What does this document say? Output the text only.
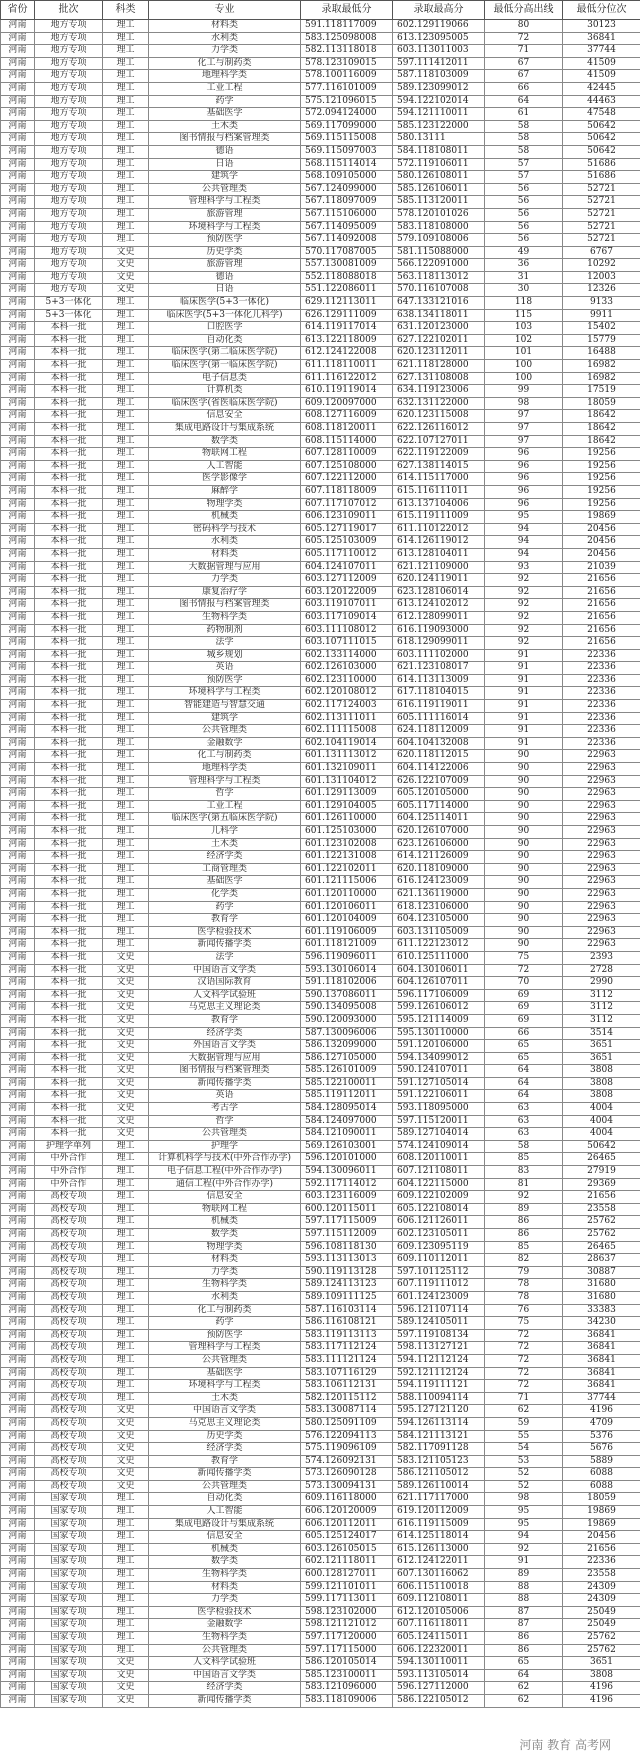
省份	批次	科类	专业	录取最低分	录取最高分	最低分高出线	最低分位次
河南	地方专项	理工	材料类	591.118117009	602.129119066	80	30123
河南	地方专项	理工	水利类	583.125098008	613.123095005	72	36841
河南	地方专项	理工	力学类	582.113118018	603.113011003	71	37744
河南	地方专项	理工	化工与制药类	578.123109015	597.111412011	67	41509
河南	地方专项	理工	地理科学类	578.100116009	587.118103009	67	41509
河南	地方专项	理工	工业工程	577.116101009	589.123099012	66	42445
河南	地方专项	理工	药学	575.121096015	594.122102014	64	44463
河南	地方专项	理工	基础医学	572.094124000	594.121110011	61	47548
河南	地方专项	理工	土木类	569.117099000	585.123122000	58	50642
河南	地方专项	理工	图书情报与档案管理类	569.115115008	580.13111	58	50642
河南	地方专项	理工	德语	569.115097003	584.118108011	58	50642
河南	地方专项	理工	日语	568.115114014	572.119106011	57	51686
河南	地方专项	理工	建筑学	568.109105000	580.126108011	57	51686
河南	地方专项	理工	公共管理类	567.124099000	585.126106011	56	52721
河南	地方专项	理工	管理科学与工程类	567.118097009	585.113120011	56	52721
河南	地方专项	理工	旅游管理	567.115106000	578.120101026	56	52721
河南	地方专项	理工	环境科学与工程类	567.114095009	583.118108000	56	52721
河南	地方专项	理工	预防医学	567.114092008	579.109108006	56	52721
河南	地方专项	文史	历史学类	570.117087005	581.115088000	49	6767
河南	地方专项	文史	旅游管理	557.130081009	566.122091000	36	10292
河南	地方专项	文史	德语	552.118088018	563.118113012	31	12003
河南	地方专项	文史	日语	551.122086011	570.116107008	30	12326
河南	5+3一体化	理工	临床医学(5+3一体化)	629.112113011	647.133121016	118	9133
河南	5+3一体化	理工	临床医学(5+3一体化儿科学)	626.129111009	638.134118011	115	9911
河南	本科一批	理工	口腔医学	614.119117014	631.120123000	103	15402
河南	本科一批	理工	自动化类	613.122118009	627.122102011	102	15779
河南	本科一批	理工	临床医学(第二临床医学院)	612.124122008	620.123112011	101	16488
河南	本科一批	理工	临床医学(第一临床医学院)	611.118110011	621.118128000	100	16982
河南	本科一批	理工	电子信息类	611.116122012	627.131108008	100	16982
河南	本科一批	理工	计算机类	610.119119014	634.119123006	99	17519
河南	本科一批	理工	临床医学(省医临床医学院)	609.120097000	632.131122000	98	18059
河南	本科一批	理工	信息安全	608.127116009	620.123115008	97	18642
河南	本科一批	理工	集成电路设计与集成系统	608.118120011	622.126116012	97	18642
河南	本科一批	理工	数学类	608.115114000	622.107127011	97	18642
河南	本科一批	理工	物联网工程	607.128110009	622.119122009	96	19256
河南	本科一批	理工	人工智能	607.125108000	627.138114015	96	19256
河南	本科一批	理工	医学影像学	607.122112000	614.115117000	96	19256
河南	本科一批	理工	麻醉学	607.118118009	615.116111011	96	19256
河南	本科一批	理工	物理学类	607.117107012	613.137104006	96	19256
河南	本科一批	理工	机械类	606.123109011	615.119111009	95	19869
河南	本科一批	理工	密码科学与技术	605.127119017	611.110122012	94	20456
河南	本科一批	理工	水利类	605.125103009	614.126119012	94	20456
河南	本科一批	理工	材料类	605.117110012	613.128104011	94	20456
河南	本科一批	理工	大数据管理与应用	604.124107011	621.121109000	93	21039
河南	本科一批	理工	力学类	603.127112009	620.124119011	92	21656
河南	本科一批	理工	康复治疗学	603.120122009	623.128106014	92	21656
河南	本科一批	理工	图书情报与档案管理类	603.119107011	613.124102012	92	21656
河南	本科一批	理工	生物科学类	603.117109014	612.128099011	92	21656
河南	本科一批	理工	药物制剂	603.111108012	616.119093000	92	21656
河南	本科一批	理工	法学	603.107111015	618.129099011	92	21656
河南	本科一批	理工	城乡规划	602.133114000	603.111102000	91	22336
河南	本科一批	理工	英语	602.126103000	621.123108017	91	22336
河南	本科一批	理工	预防医学	602.123110000	614.113113009	91	22336
河南	本科一批	理工	环境科学与工程类	602.120108012	617.118104015	91	22336
河南	本科一批	理工	智能建造与智慧交通	602.117124003	616.119119011	91	22336
河南	本科一批	理工	建筑学	602.113111011	605.111116014	91	22336
河南	本科一批	理工	公共管理类	602.111115008	624.118112009	91	22336
河南	本科一批	理工	金融数学	602.104119014	604.104132008	91	22336
河南	本科一批	理工	化工与制药类	601.131113012	620.118112015	90	22963
河南	本科一批	理工	地理科学类	601.132109011	604.114122006	90	22963
河南	本科一批	理工	管理科学与工程类	601.131104012	626.122107009	90	22963
河南	本科一批	理工	哲学	601.129113009	605.120105000	90	22963
河南	本科一批	理工	工业工程	601.129104005	605.117114000	90	22963
河南	本科一批	理工	临床医学(第五临床医学院)	601.126110000	604.125114011	90	22963
河南	本科一批	理工	儿科学	601.125103000	620.126107000	90	22963
河南	本科一批	理工	土木类	601.123102008	623.126106000	90	22963
河南	本科一批	理工	经济学类	601.122131008	614.121126009	90	22963
河南	本科一批	理工	工商管理类	601.122102011	620.118109000	90	22963
河南	本科一批	理工	基础医学	601.121115006	616.124123009	90	22963
河南	本科一批	理工	化学类	601.120110000	621.136119000	90	22963
河南	本科一批	理工	药学	601.120106011	618.123106000	90	22963
河南	本科一批	理工	教育学	601.120104009	604.123105000	90	22963
河南	本科一批	理工	医学检验技术	601.119106009	603.131105009	90	22963
河南	本科一批	理工	新闻传播学类	601.118121009	611.122123012	90	22963
河南	本科一批	文史	法学	596.119096011	610.125111000	75	2393
河南	本科一批	文史	中国语言文学类	593.130106014	604.130106011	72	2728
河南	本科一批	文史	汉语国际教育	591.118102006	604.126107011	70	2990
河南	本科一批	文史	人文科学试验班	590.137086011	596.117106009	69	3112
河南	本科一批	文史	马克思主义理论类	590.134095008	599.126106012	69	3112
河南	本科一批	文史	教育学	590.120093000	595.121114009	69	3112
河南	本科一批	文史	经济学类	587.130096006	595.130110000	66	3514
河南	本科一批	文史	外国语言文学类	586.132099000	591.120106000	65	3651
河南	本科一批	文史	大数据管理与应用	586.127105000	594.134099012	65	3651
河南	本科一批	文史	图书情报与档案管理类	585.126101009	590.124107011	64	3808
河南	本科一批	文史	新闻传播学类	585.122100011	591.127105014	64	3808
河南	本科一批	文史	英语	585.119112011	591.122106011	64	3808
河南	本科一批	文史	考古学	584.128095014	593.118095000	63	4004
河南	本科一批	文史	哲学	584.124097000	597.115120011	63	4004
河南	本科一批	文史	公共管理类	584.121090011	589.127104014	63	4004
河南	护理学单列	理工	护理学	569.126103001	574.124109014	58	50642
河南	中外合作	理工	计算机科学与技术(中外合作办学)	596.120101000	608.120110011	85	26465
河南	中外合作	理工	电子信息工程(中外合作办学)	594.130096011	607.121108011	83	27919
河南	中外合作	理工	通信工程(中外合作办学)	592.117114012	604.122115000	81	29369
河南	高校专项	理工	信息安全	603.123116009	609.122102009	92	21656
河南	高校专项	理工	物联网工程	600.120115011	605.122108014	89	23558
河南	高校专项	理工	机械类	597.117115009	606.121126011	86	25762
河南	高校专项	理工	数学类	597.115112009	602.123105011	86	25762
河南	高校专项	理工	物理学类	596.108118130	609.123095119	85	26465
河南	高校专项	理工	材料类	593.113113013	609.110112011	82	28637
河南	高校专项	理工	力学类	590.119113128	597.101125112	79	30887
河南	高校专项	理工	生物科学类	589.124113123	607.119111012	78	31680
河南	高校专项	理工	水利类	589.109111125	601.124123009	78	31680
河南	高校专项	理工	化工与制药类	587.116103114	596.121107114	76	33383
河南	高校专项	理工	药学	586.116108121	589.124105011	75	34230
河南	高校专项	理工	预防医学	583.119113113	597.119108134	72	36841
河南	高校专项	理工	管理科学与工程类	583.117112124	598.113127121	72	36841
河南	高校专项	理工	公共管理类	583.111121124	594.112112124	72	36841
河南	高校专项	理工	基础医学	583.107116129	592.121112124	72	36841
河南	高校专项	理工	环境科学与工程类	583.106112131	594.119111121	72	36841
河南	高校专项	理工	土木类	582.120115112	588.110094114	71	37744
河南	高校专项	文史	中国语言文学类	583.130087114	595.127121120	62	4196
河南	高校专项	文史	马克思主义理论类	580.125091109	594.126113114	59	4709
河南	高校专项	文史	历史学类	576.122094113	584.121113121	55	5376
河南	高校专项	文史	经济学类	575.119096109	582.117091128	54	5676
河南	高校专项	文史	教育学	574.126092131	583.121105123	53	5889
河南	高校专项	文史	新闻传播学类	573.126090128	586.121105012	52	6088
河南	高校专项	文史	公共管理类	573.130094131	589.126110014	52	6088
河南	国家专项	理工	自动化类	609.116118000	621.117117000	98	18059
河南	国家专项	理工	人工智能	606.120120009	619.120112009	95	19869
河南	国家专项	理工	集成电路设计与集成系统	606.120112011	616.119115009	95	19869
河南	国家专项	理工	信息安全	605.125124017	614.125118014	94	20456
河南	国家专项	理工	机械类	603.126105015	615.126113000	92	21656
河南	国家专项	理工	数学类	602.121118011	612.124122011	91	22336
河南	国家专项	理工	生物科学类	600.128127011	607.130116062	89	23558
河南	国家专项	理工	材料类	599.121101011	606.115110018	88	24309
河南	国家专项	理工	力学类	599.117113011	609.112108011	88	24309
河南	国家专项	理工	医学检验技术	598.123102000	612.120105006	87	25049
河南	国家专项	理工	金融数学	598.121121012	607.116118011	87	25049
河南	国家专项	理工	生物科学类	597.117120000	605.124115011	86	25762
河南	国家专项	理工	公共管理类	597.117115000	606.122320011	86	25762
河南	国家专项	文史	人文科学试验班	586.120105014	594.130110011	65	3651
河南	国家专项	文史	中国语言文学类	585.123100011	593.113105014	64	3808
河南	国家专项	文史	经济学类	583.121096000	596.127112000	62	4196
河南	国家专项	文史	新闻传播学类	583.118109006	586.122105012	62	4196
河南 教育 高考网
